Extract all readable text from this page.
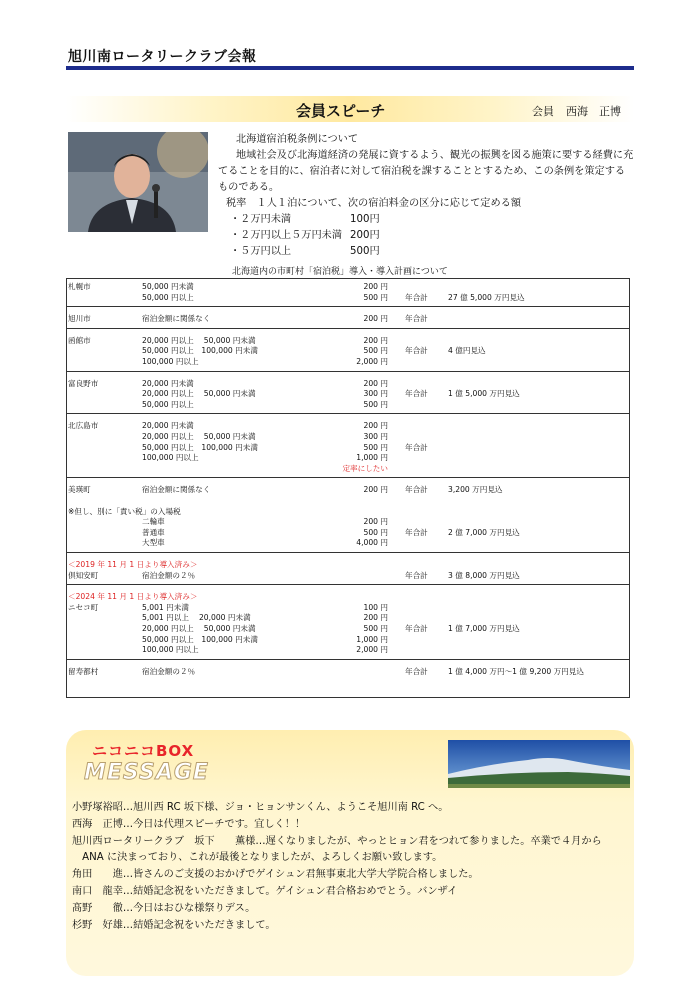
旭川南ロータリークラブ会報
会員スピーチ	会員 西海　正博
北海道宿泊税条例について
地域社会及び北海道経済の発展に資するよう、観光の振興を図る施策に要する経費に充
てることを目的に、宿泊者に対して宿泊税を課することとするため、この条例を策定する
ものである。
税率　１人１泊について、次の宿泊料金の区分に応じて定める額
・２万円未満	100円
・２万円以上５万円未満 200円
・５万円以上	500円
北海道内の市町村「宿泊税」導入・導入計画について
札幌市	50,000 円未満	200 円
50,000 円以上	500 円 年合計	27 億 5,000 万円見込
旭川市	宿泊金額に関係なく	200 円 年合計
函館市	20,000 円以上　 50,000 円未満	200 円
50,000 円以上　100,000 円未満	500 円 年合計	4 億円見込
100,000 円以上	2,000 円
富良野市	20,000 円未満	200 円
20,000 円以上　 50,000 円未満	300 円 年合計	1 億 5,000 万円見込
50,000 円以上	500 円
北広島市	20,000 円未満	200 円
20,000 円以上　 50,000 円未満	300 円
50,000 円以上　100,000 円未満	500 円 年合計
100,000 円以上	1,000 円
定率にしたい
美瑛町	宿泊金額に関係なく	200 円 年合計	3,200 万円見込
※但し、別に「責い税」の入場税
二輪車	200 円
普通車	500 円 年合計	2 億 7,000 万円見込
大型車	4,000 円
＜2019 年 11 月 1 日より導入済み＞
倶知安町	宿泊金額の２％	年合計	3 億 8,000 万円見込
＜2024 年 11 月 1 日より導入済み＞
ニセコ町	5,001 円未満	100 円
5,001 円以上　 20,000 円未満	200 円
20,000 円以上　 50,000 円未満	500 円 年合計	1 億 7,000 万円見込
50,000 円以上　100,000 円未満	1,000 円
100,000 円以上	2,000 円
留寿都村	宿泊金額の２％	年合計	1 億 4,000 万円～1 億 9,200 万円見込
ニコニコBOX
MESSAGE
小野塚裕昭…旭川西 RC 坂下様、ジョ・ヒョンサンくん、ようこそ旭川南 RC へ。
西海　正博…今日は代理スピーチです。宜しく！！
旭川西ロータリークラブ　坂下　　薫様…遅くなりましたが、やっとヒョン君をつれて参りました。卒業で４月から
　ANA に決まっており、これが最後となりましたが、よろしくお願い致します。
角田　　進…皆さんのご支援のおかげでゲイシュン君無事東北大学大学院合格しました。
南口　龍幸…結婚記念祝をいただきまして。ゲイシュン君合格おめでとう。バンザイ
髙野　　徹…今日はおひな様祭りデス。
杉野　好雄…結婚記念祝をいただきまして。
